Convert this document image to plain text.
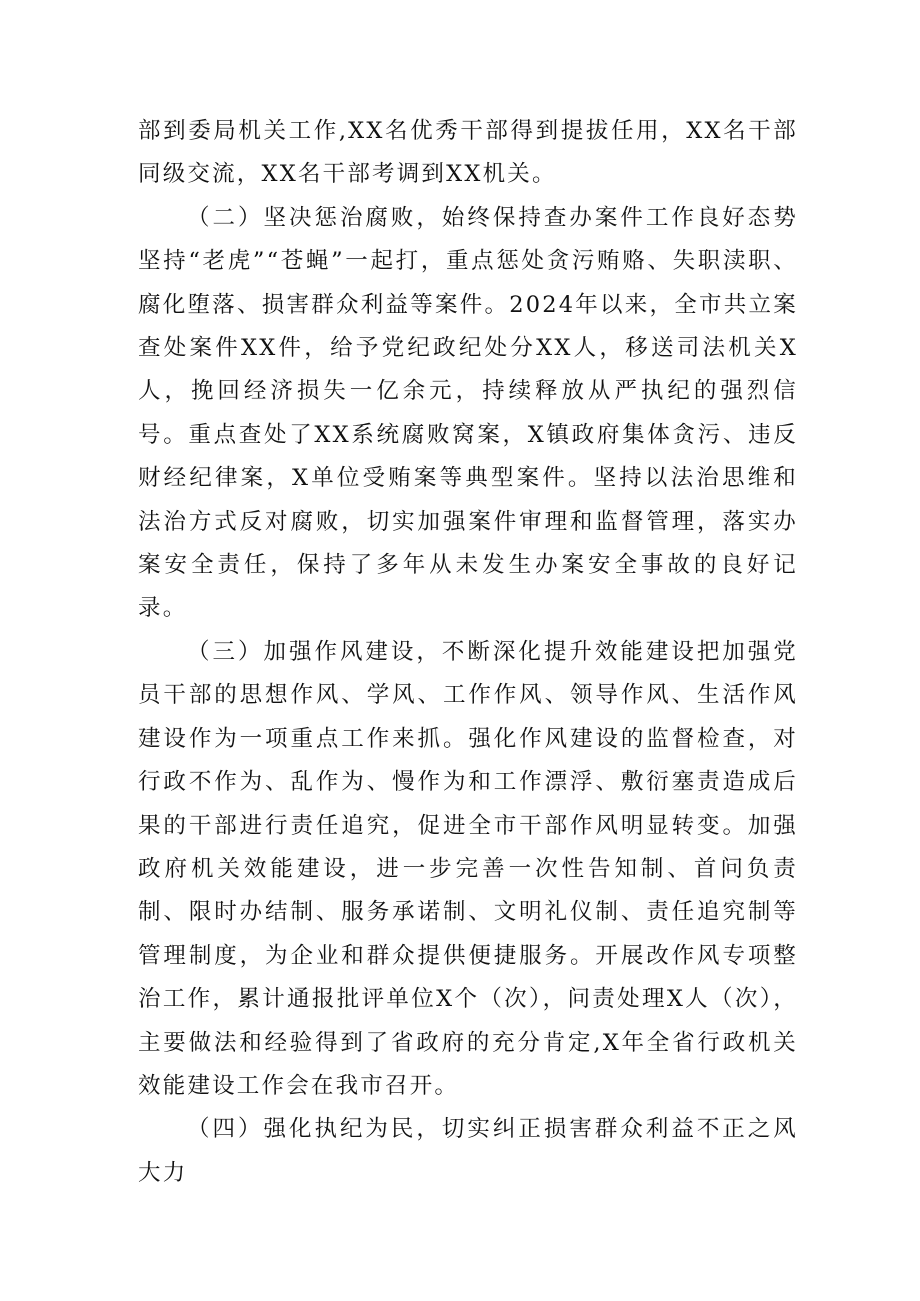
部到委局机关工作,XX名优秀干部得到提拔任用，XX名干部同级交流，XX名干部考调到XX机关。

（二）坚决惩治腐败，始终保持查办案件工作良好态势坚持“老虎”“苍蝇”一起打，重点惩处贪污贿赂、失职渎职、腐化堕落、损害群众利益等案件。2024年以来，全市共立案查处案件XX件，给予党纪政纪处分XX人，移送司法机关X人，挽回经济损失一亿余元，持续释放从严执纪的强烈信号。重点查处了XX系统腐败窝案，X镇政府集体贪污、违反财经纪律案，X单位受贿案等典型案件。坚持以法治思维和法治方式反对腐败，切实加强案件审理和监督管理，落实办案安全责任，保持了多年从未发生办案安全事故的良好记录。

（三）加强作风建设，不断深化提升效能建设把加强党员干部的思想作风、学风、工作作风、领导作风、生活作风建设作为一项重点工作来抓。强化作风建设的监督检查，对行政不作为、乱作为、慢作为和工作漂浮、敷衍塞责造成后果的干部进行责任追究，促进全市干部作风明显转变。加强政府机关效能建设，进一步完善一次性告知制、首问负责制、限时办结制、服务承诺制、文明礼仪制、责任追究制等管理制度，为企业和群众提供便捷服务。开展改作风专项整治工作，累计通报批评单位X个（次），问责处理X人（次），主要做法和经验得到了省政府的充分肯定,X年全省行政机关效能建设工作会在我市召开。

（四）强化执纪为民，切实纠正损害群众利益不正之风大力
